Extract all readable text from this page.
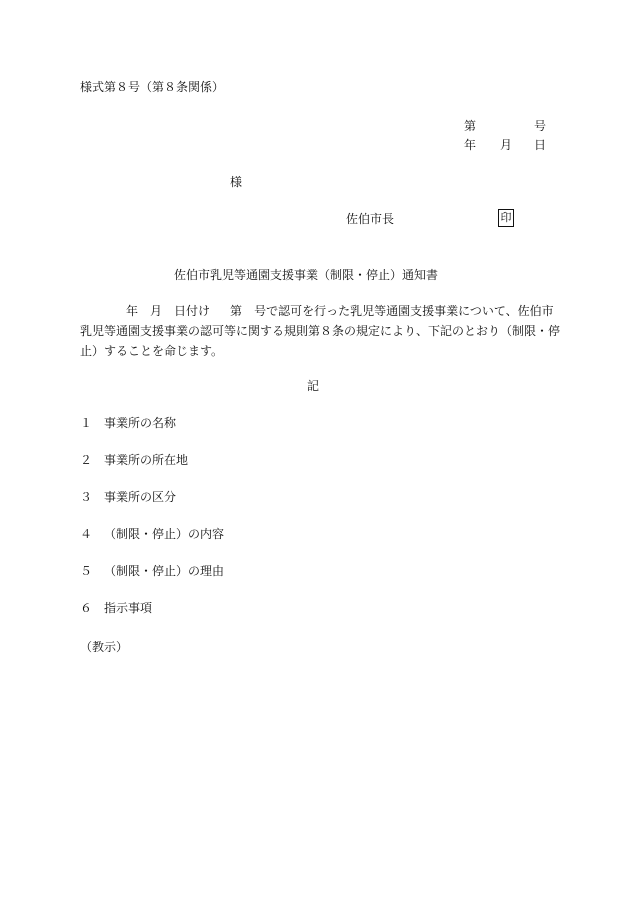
様式第８号（第８条関係）
第	号
年 月 日
様
佐伯市長	印
佐伯市乳児等通園支援事業（制限・停止）通知書
年 月 日付け 第 号で認可を行った乳児等通園支援事業について、佐伯市
乳児等通園支援事業の認可等に関する規則第８条の規定により、下記のとおり（制限・停
止）することを命じます。
記
１ 事業所の名称
２ 事業所の所在地
３ 事業所の区分
４ （制限・停止）の内容
５ （制限・停止）の理由
６ 指示事項
（教示）
